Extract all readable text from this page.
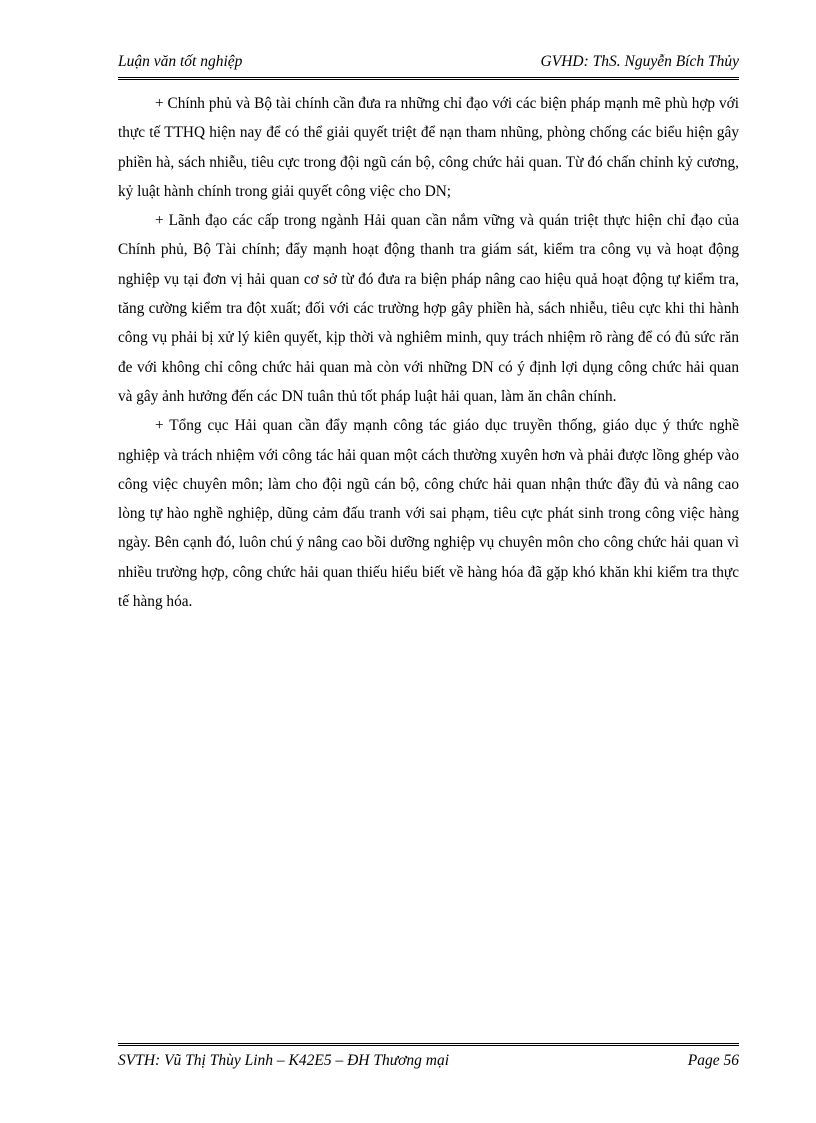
Luận văn tốt nghiệp	GVHD: ThS. Nguyễn Bích Thủy

+ Chính phủ và Bộ tài chính cần đưa ra những chỉ đạo với các biện pháp mạnh mẽ phù hợp với thực tế TTHQ hiện nay để có thể giải quyết triệt để nạn tham nhũng, phòng chống các biểu hiện gây phiền hà, sách nhiễu, tiêu cực trong đội ngũ cán bộ, công chức hải quan. Từ đó chấn chỉnh kỷ cương, kỷ luật hành chính trong giải quyết công việc cho DN;

+ Lãnh đạo các cấp trong ngành Hải quan cần nắm vững và quán triệt thực hiện chỉ đạo của Chính phủ, Bộ Tài chính; đẩy mạnh hoạt động thanh tra giám sát, kiểm tra công vụ và hoạt động nghiệp vụ tại đơn vị hải quan cơ sở từ đó đưa ra biện pháp nâng cao hiệu quả hoạt động tự kiểm tra, tăng cường kiểm tra đột xuất; đối với các trường hợp gây phiền hà, sách nhiễu, tiêu cực khi thi hành công vụ phải bị xử lý kiên quyết, kịp thời và nghiêm minh, quy trách nhiệm rõ ràng để có đủ sức răn đe với không chỉ công chức hải quan mà còn với những DN có ý định lợi dụng công chức hải quan và gây ảnh hưởng đến các DN tuân thủ tốt pháp luật hải quan, làm ăn chân chính.

+ Tổng cục Hải quan cần đẩy mạnh công tác giáo dục truyền thống, giáo dục ý thức nghề nghiệp và trách nhiệm với công tác hải quan một cách thường xuyên hơn và phải được lồng ghép vào công việc chuyên môn; làm cho đội ngũ cán bộ, công chức hải quan nhận thức đầy đủ và nâng cao lòng tự hào nghề nghiệp, dũng cảm đấu tranh với sai phạm, tiêu cực phát sinh trong công việc hàng ngày. Bên cạnh đó, luôn chú ý nâng cao bồi dưỡng nghiệp vụ chuyên môn cho công chức hải quan vì nhiều trường hợp, công chức hải quan thiếu hiểu biết về hàng hóa đã gặp khó khăn khi kiểm tra thực tế hàng hóa.

SVTH: Vũ Thị Thùy Linh – K42E5 – ĐH Thương mại	Page 56
